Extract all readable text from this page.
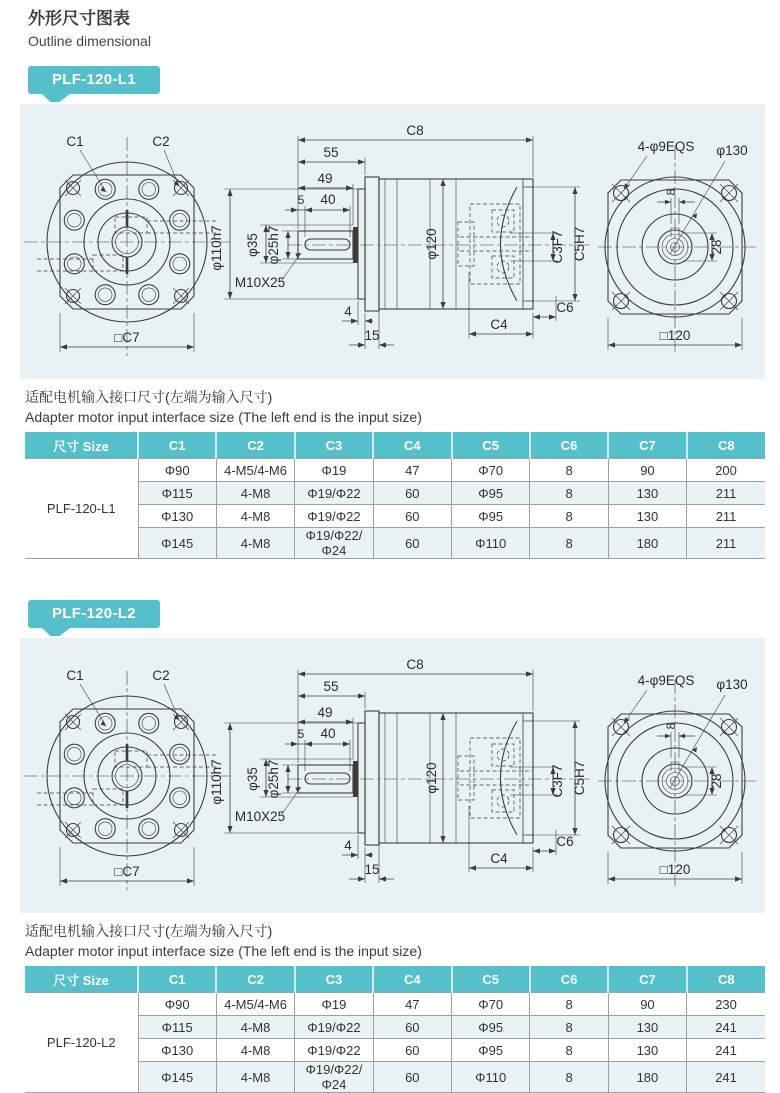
外形尺寸图表
Outline dimensional
PLF-120-L1
C1	C2
□C7
φ110h7	φ120	C3F7 C5H7
C8
55
49
5 40
φ35 φ25h7
M10X25
4
15
C4
C6
8
28
4-φ9EQS φ130
□120
适配电机输入接口尺寸(左端为输入尺寸)
Adapter motor input interface size (The left end is the input size)
尺寸 Size	C1	C2	C3	C4	C5	C6	C7	C8
PLF-120-L1	Φ90	4-M5/4-M6	Φ19	47	Φ70	8	90	200
	Φ115	4-M8	Φ19/Φ22	60	Φ95	8	130	211
	Φ130	4-M8	Φ19/Φ22	60	Φ95	8	130	211
	Φ145	4-M8	Φ19/Φ22/Φ24	60	Φ110	8	180	211
PLF-120-L2
C1	C2
□C7
φ110h7	φ120	C3F7 C5H7
C8
55
49
5 40
φ35 φ25h7
M10X25
4
15
C4
C6
8
28
4-φ9EQS φ130
□120
适配电机输入接口尺寸(左端为输入尺寸)
Adapter motor input interface size (The left end is the input size)
尺寸 Size	C1	C2	C3	C4	C5	C6	C7	C8
PLF-120-L2	Φ90	4-M5/4-M6	Φ19	47	Φ70	8	90	230
	Φ115	4-M8	Φ19/Φ22	60	Φ95	8	130	241
	Φ130	4-M8	Φ19/Φ22	60	Φ95	8	130	241
	Φ145	4-M8	Φ19/Φ22/Φ24	60	Φ110	8	180	241
